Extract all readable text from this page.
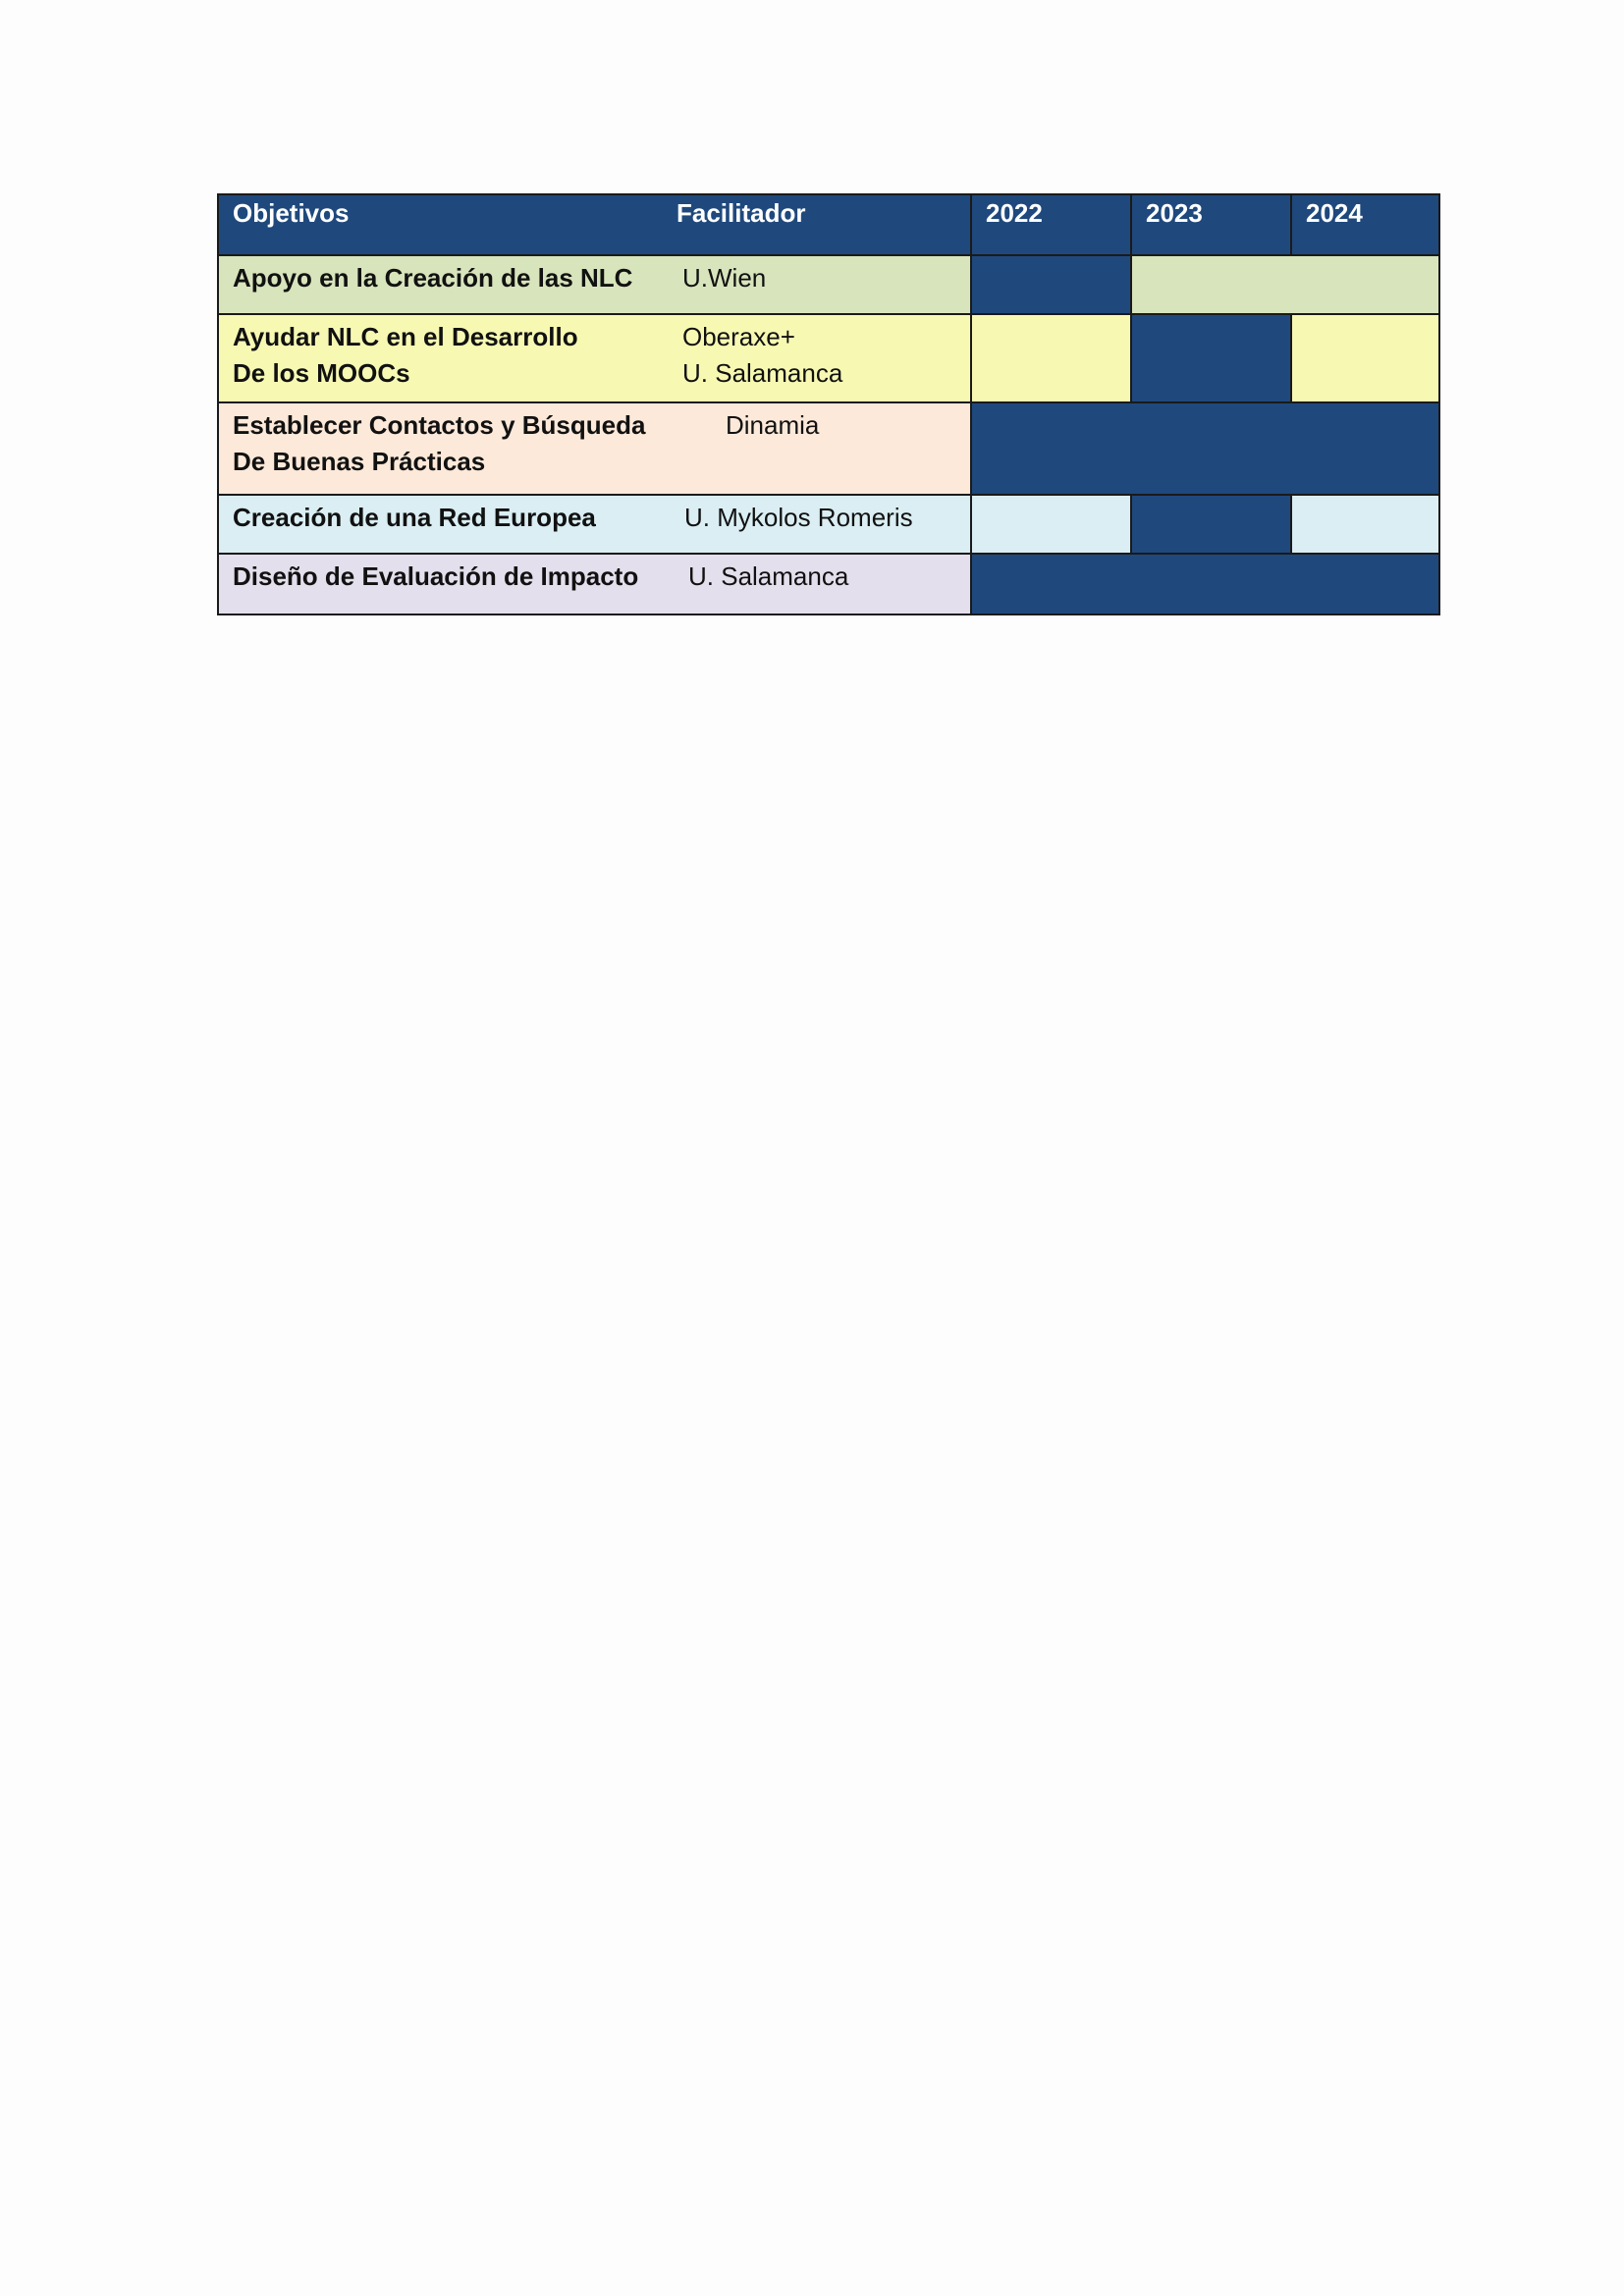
Objetivos Facilitador	2022	2023	2024

Apoyo en la Creación de las NLC U.Wien			

Ayudar NLC en el Desarrollo
De los MOOCs
Oberaxe+
U. Salamanca			

Establecer Contactos y Búsqueda
De Buenas Prácticas
Dinamia			

Creación de una Red Europea U. Mykolos Romeris			

Diseño de Evaluación de Impacto U. Salamanca			
